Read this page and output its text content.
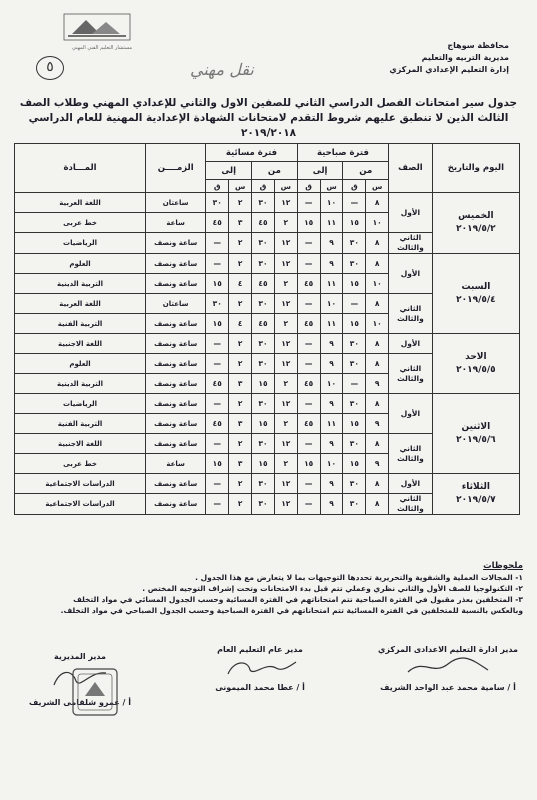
مستشار التعليم الفني المهني
٥	نقل مهني
محافظة سوهاج
مديرية التربيه والتعليم
إدارة التعليم الإعدادي المركزي
جدول سير امتحانات الفصل الدراسي الثاني للصفين الاول والثاني للإعدادي المهني وطلاب الصف
الثالث الذين لا تنطبق عليهم شروط التقدم لامتحانات الشهادة الإعدادية المهنية للعام الدراسي ٢٠١٩/٢٠١٨
اليوم والتاريخ	الصف	فترة صباحية				فترة مسائية				الزمــــن	المـــادة
		من		إلى		من		إلى			
		س	ق	س	ق	س	ق	س	ق		

الخميس
٢٠١٩/٥/٢	الأول	٨	—	١٠	—	١٢	٣٠	٢	٣٠	ساعتان	اللغة العربية
		١٠	١٥	١١	١٥	٢	٤٥	٣	٤٥	ساعة	خط عربى
	الثاني والثالث	٨	٣٠	٩	—	١٢	٣٠	٢	—	ساعة ونصف	الرياضيات

السبت
٢٠١٩/٥/٤	الأول	٨	٣٠	٩	—	١٢	٣٠	٢	—	ساعة ونصف	العلوم
		١٠	١٥	١١	٤٥	٢	٤٥	٤	١٥	ساعة ونصف	التربية الدينية
	الثاني والثالث	٨	—	١٠	—	١٢	٣٠	٢	٣٠	ساعتان	اللغة العربية
		١٠	١٥	١١	٤٥	٢	٤٥	٤	١٥	ساعة ونصف	التربية الفنية

الاحد
٢٠١٩/٥/٥	الأول	٨	٣٠	٩	—	١٢	٣٠	٢	—	ساعة ونصف	اللغة الاجنبية
	الثاني والثالث	٨	٣٠	٩	—	١٢	٣٠	٢	—	ساعة ونصف	العلوم
		٩	—	١٠	٤٥	٢	١٥	٣	٤٥	ساعة ونصف	التربية الدينية

الاثنين
٢٠١٩/٥/٦	الأول	٨	٣٠	٩	—	١٢	٣٠	٢	—	ساعة ونصف	الرياضيات
		٩	١٥	١١	٤٥	٢	١٥	٣	٤٥	ساعة ونصف	التربية الفنية
	الثاني والثالث	٨	٣٠	٩	—	١٢	٣٠	٢	—	ساعة ونصف	اللغة الاجنبية
		٩	١٥	١٠	١٥	٢	١٥	٣	١٥	ساعة	خط عربى

الثلاثاء
٢٠١٩/٥/٧	الأول	٨	٣٠	٩	—	١٢	٣٠	٢	—	ساعة ونصف	الدراسات الاجتماعية
	الثاني والثالث	٨	٣٠	٩	—	١٢	٣٠	٢	—	ساعة ونصف	الدراسات الاجتماعية
ملحوظات
١- المجالات العملية والشفوية والتحريرية تحددها التوجيهات بما لا يتعارض مع هذا الجدول .
٢- التكنولوجيا للصف الأول والثاني نظري وعملي تتم قبل بدء الامتحانات وتحت إشراف التوجيه المختص .
٣- المتخلفين بعذر مقبول في الفترة الصباحية تتم امتحاناتهم في الفترة المسائية وحسب الجدول المسائي في مواد التخلف
وبالعكس بالنسبة للمتخلفين في الفترة المسائية تتم امتحاناتهم في الفترة الصباحية وحسب الجدول الصباحي في مواد التخلف.
مدير ادارة التعليم الاعدادى المركزي
أ / سامية محمد عبد الواحد الشريف
مدير عام التعليم العام
أ / عطا محمد الميمونى
مدير المديرية
أ / عمرو شلقامى الشريف
